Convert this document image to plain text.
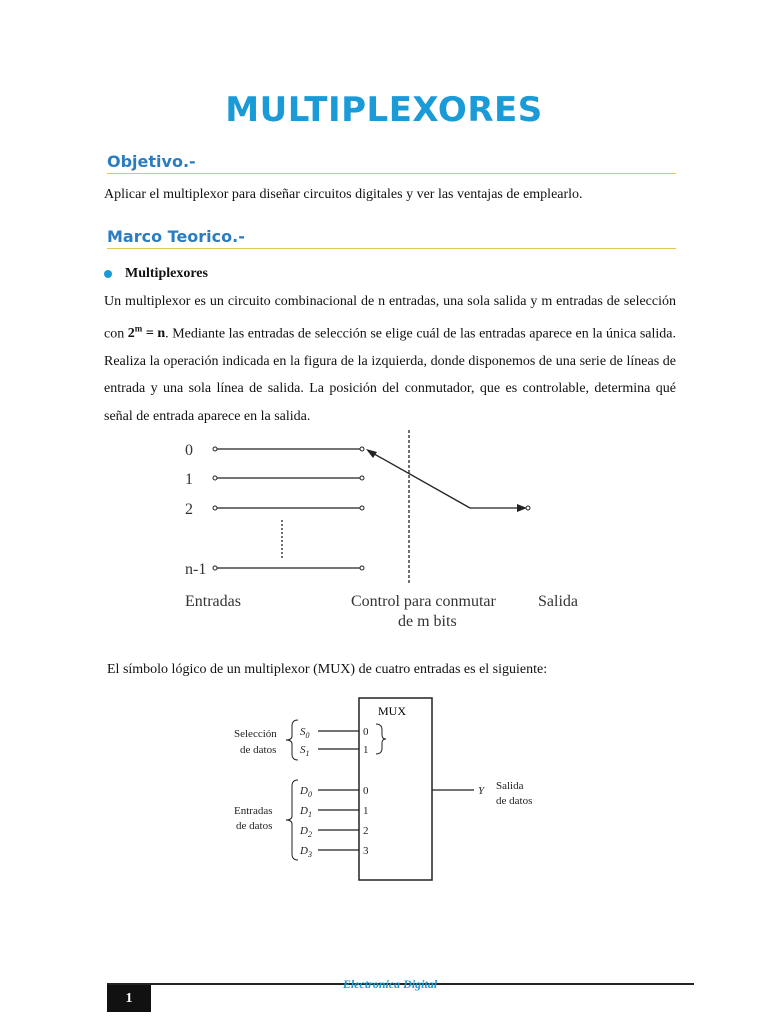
MULTIPLEXORES
Objetivo.-
Aplicar el multiplexor para diseñar circuitos digitales y ver las ventajas de emplearlo.
Marco Teorico.-
Multiplexores
Un multiplexor es un circuito combinacional de n entradas, una sola salida y m entradas de selección con $2^m = n$. Mediante las entradas de selección se elige cuál de las entradas aparece en la única salida. Realiza la operación indicada en la figura de la izquierda, donde disponemos de una serie de líneas de entrada y una sola línea de salida. La posición del conmutador, que es controlable, determina qué señal de entrada aparece en la salida.
0
1
2
n-1
Entradas	Control para conmutar
de m bits
Salida
El símbolo lógico de un multiplexor (MUX) de cuatro entradas es el siguiente:
MUX
Selección
de datos
Entradas
de datos
Salida
de datos
$S_0$
$S_1$
$D_0$
$D_1$
$D_2$
$D_3$
0
1
0
1
2
3
Y
Electronica Digital
1
